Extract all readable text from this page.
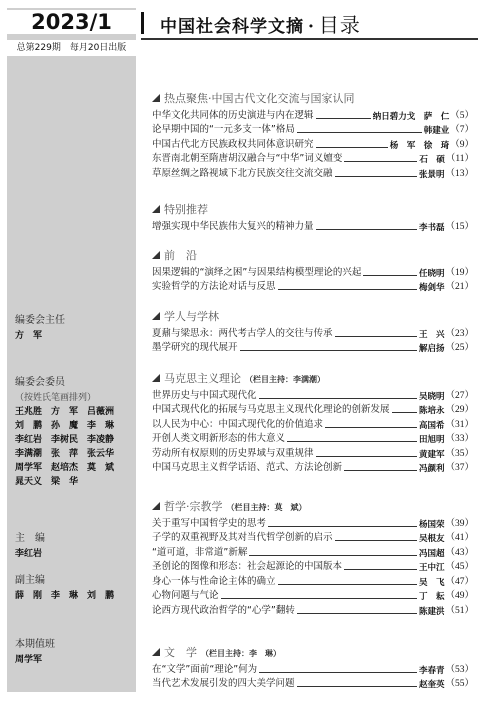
2023/1
总第229期　每月20日出版
编委会主任
方　军
编委会委员
（按姓氏笔画排列）
王兆胜　方　军　吕薇洲
刘　鹏　孙　魔　李　琳
李红岩　李树民　李凌静
李满潮　张　萍　张云华
周学军　赵培杰　莫　斌
晁天义　梁　华
主　编
李红岩
副主编
薛　刚　李　琳　刘　鹏
本期值班
周学军
中国社会科学文摘 · 目录
热点聚焦·中国古代文化交流与国家认同
中华文化共同体的历史演进与内在逻辑	纳日碧力戈　萨　仁 （5）
论早期中国的“一元多支一体”格局	韩建业 （7）
中国古代北方民族政权共同体意识研究	杨　军　徐　琦 （9）
东晋南北朝至隋唐胡汉融合与“中华”词义嬗变	石　硕 （11）
草原丝绸之路视域下北方民族交往交流交融	张景明 （13）
特别推荐
增强实现中华民族伟大复兴的精神力量	李书磊 （15）
前　沿
因果逻辑的“演绎之困”与因果结构模型理论的兴起	任晓明 （19）
实验哲学的方法论对话与反思	梅剑华 （21）
学人与学林
夏鼐与梁思永：两代考古学人的交往与传承	王　兴 （23）
墨学研究的现代展开	解启扬 （25）
马克思主义理论 （栏目主持：李满潮）
世界历史与中国式现代化	吴晓明 （27）
中国式现代化的拓展与马克思主义现代化理论的创新发展	陈培永 （29）
以人民为中心：中国式现代化的价值追求	高国希 （31）
开创人类文明新形态的伟大意义	田旭明 （33）
劳动所有权原则的历史界域与双重规律	黄建军 （35）
中国马克思主义哲学话语、范式、方法论创新	冯颜利 （37）
哲学·宗教学 （栏目主持：莫　斌）
关于重写中国哲学史的思考	杨国荣 （39）
子学的双重视野及其对当代哲学创新的启示	吴根友 （41）
“道可道，非常道”新解	冯国超 （43）
圣创论的图像和形态：社会起源论的中国版本	王中江 （45）
身心一体与性命论主体的确立	吴　飞 （47）
心物问题与气论	丁　耘 （49）
论西方现代政治哲学的“心学”翻转	陈建洪 （51）
文　学 （栏目主持：李　琳）
在“文学”面前“理论”何为	李春青 （53）
当代艺术发展引发的四大美学问题	赵奎英 （55）
